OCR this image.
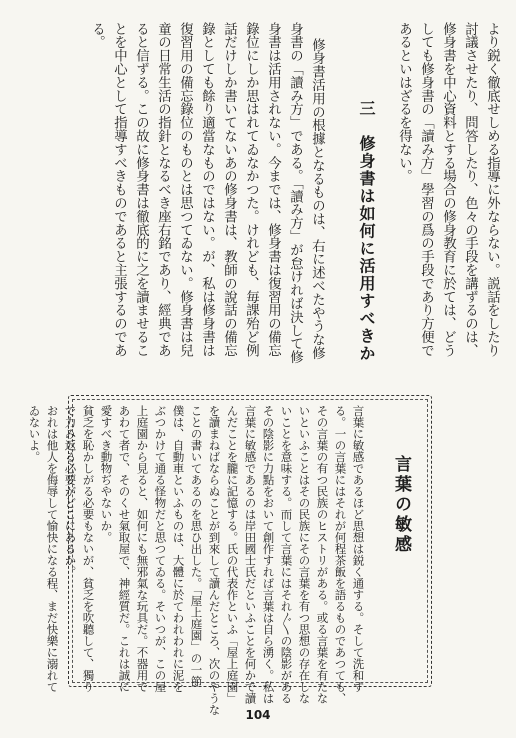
より鋭く徹底せしめる指導に外ならない。説話をしたり

討議させたり、問答したり、色々の手段を講ずるのは、

修身書を中心資料とする場合の修身教育に於ては、どう

しても修身書の「讀み方」學習の爲の手段であり方便で

あるといはざるを得ない。

三　修身書は如何に活用すべきか

修身書活用の根據となるものは、右に述べたやうな修

身書の「讀み方」である。「讀み方」が怠ければ決して修

身書は活用されない。今までは、修身書は復習用の備忘

錄位にしか思はれてゐなかつた。けれども、毎課殆ど例

話だけしか書いてないあの修身書は、教師の說話の備忘

錄としても餘り適當なものではない。が、私は修身書は

復習用の備忘錄位のものとは思つてゐない。修身書は兒

童の日常生活の指針となるべき座右銘であり、經典であ

ると信ずる。この故に修身書は徹底的に之を讀ませるこ

とを中心として指導すべきものであると主張するのであ

る。

言葉の敏感

言葉に敏感であるほど思想は鋭く通する。そして洗和す

る。一の言葉にはそれが何程茶飯を語るものであつても、

その言葉の有つ民族のヒストリがある。或る言葉を有たな

いといふことはその民族にその言葉を有つ思想の存在しな

いことを意味する。而して言葉にはそれ〴〵の陰影がある

その陰影に力點をおいて創作すれば言葉は自ら湧く。私は

言葉に敏感であるのは岸田國士氏だといふことを何かで讀

んだことを朧に記憶する。氏の代表作といふ「屋上庭園」

を讀まねばならぬことが到來して讀んだところ、次のやうな

ことの書いてあるのを思ひ出した。「屋上庭園」の一節

僕は、自動車といふものは、大體に於てわれわれに泥を

ぶつかけて通る怪物だと思つてゐる。そいつが、この屋

上庭園から見ると、如何にも無邪氣な玩具だ。不器用で

あわて者で、そのくせ氣取屋で、神經質だ。これは誠に

愛すべき動物ぢやないか。

貧乏を恥かしがる必要もないが、貧乏を吹聽して、獨り

で力み返る必要がどこにあるか。

おれは他人を侮辱して愉快になる程、まだ快樂に溺れて

ゐないよ。

104
